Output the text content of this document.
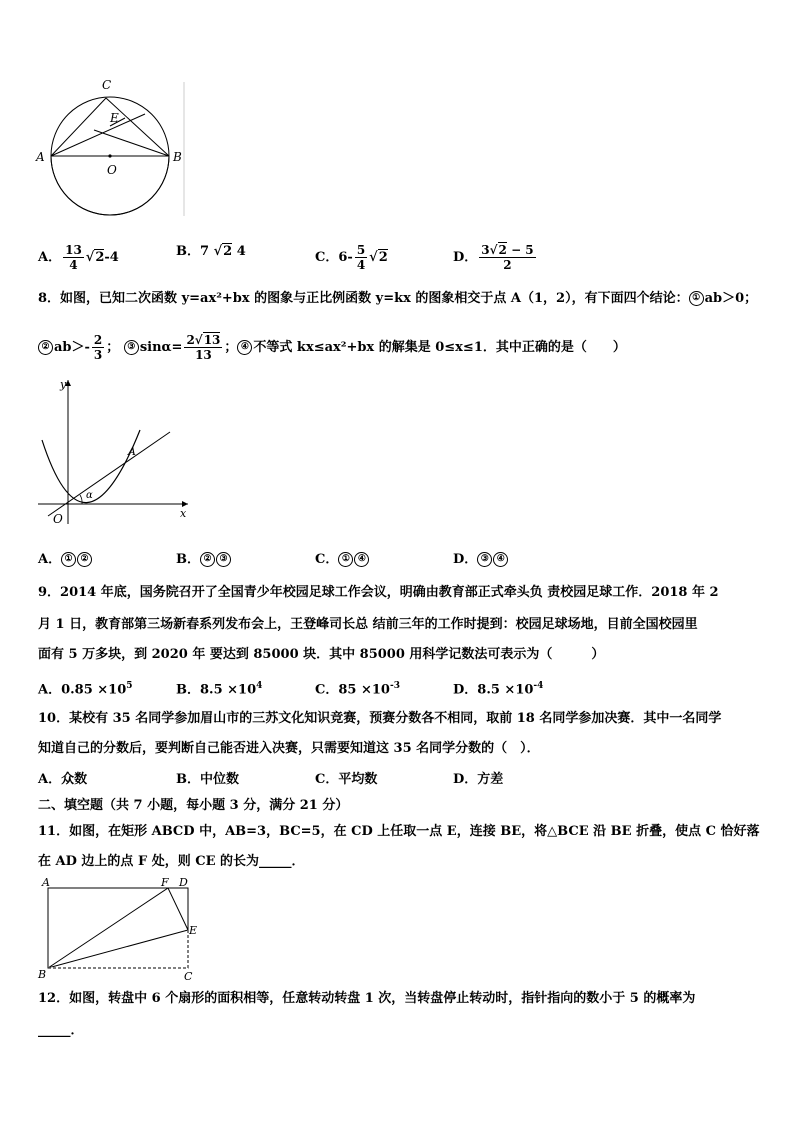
C
E
A	B
O
A． $\frac{13}{4} √2-4$	B．7 √2 4	C．$6- \frac{5}{4} √2$	D． $\frac{3√2 - 5}{2}$
8．如图，已知二次函数 y=ax²+bx 的图象与正比例函数 y=kx 的图象相交于点 A（1，2），有下面四个结论： ① ab＞0；
② $ab>- \frac{2}{3}$ ； ③ $\sin\alpha= \frac{2√13}{13}$ ； ④ 不等式 kx≤ax²+bx 的解集是 0≤x≤1．其中正确的是（　　）
y
x
A
O
α
A． ① ②	B． ② ③	C． ① ④	D． ③ ④
9．2014 年底，国务院召开了全国青少年校园足球工作会议，明确由教育部正式牵头负 责校园足球工作．2018 年 2
月 1 日，教育部第三场新春系列发布会上，王登峰司长总 结前三年的工作时提到：校园足球场地，目前全国校园里
面有 5 万多块，到 2020 年 要达到 85000 块．其中 85000 用科学记数法可表示为（　　　）
A．$0.85 \times 10^5$	B．$8.5 \times 10^4$	C．$85 \times 10^{-3}$	D．$8.5 \times 10^{-4}$
10．某校有 35 名同学参加眉山市的三苏文化知识竞赛，预赛分数各不相同，取前 18 名同学参加决赛．其中一名同学
知道自己的分数后，要判断自己能否进入决赛，只需要知道这 35 名同学分数的（　）．
A．众数	B．中位数	C．平均数	D．方差
二、填空题（共 7 小题，每小题 3 分，满分 21 分）
11．如图，在矩形 ABCD 中，AB=3，BC=5，在 CD 上任取一点 E，连接 BE，将△BCE 沿 BE 折叠，使点 C 恰好落
在 AD 边上的点 F 处，则 CE 的长为_____．
A	F D
E
B	C
12．如图，转盘中 6 个扇形的面积相等，任意转动转盘 1 次，当转盘停止转动时，指针指向的数小于 5 的概率为
_____．
